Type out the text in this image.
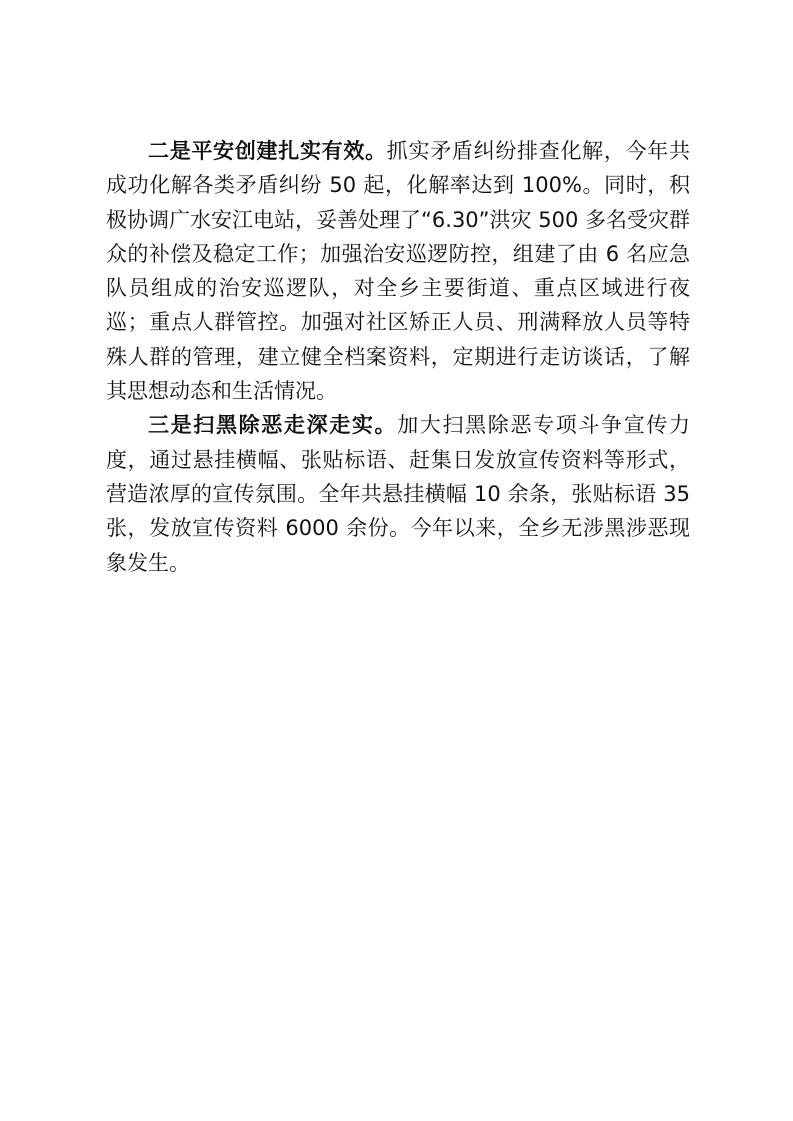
二是平安创建扎实有效。抓实矛盾纠纷排查化解，今年共成功化解各类矛盾纠纷 50 起，化解率达到 100%。同时，积极协调广水安江电站，妥善处理了“6.30”洪灾 500 多名受灾群众的补偿及稳定工作；加强治安巡逻防控，组建了由 6 名应急队员组成的治安巡逻队，对全乡主要街道、重点区域进行夜巡；重点人群管控。加强对社区矫正人员、刑满释放人员等特殊人群的管理，建立健全档案资料，定期进行走访谈话，了解其思想动态和生活情况。

三是扫黑除恶走深走实。加大扫黑除恶专项斗争宣传力度，通过悬挂横幅、张贴标语、赶集日发放宣传资料等形式，营造浓厚的宣传氛围。全年共悬挂横幅 10 余条，张贴标语 35 张，发放宣传资料 6000 余份。今年以来，全乡无涉黑涉恶现象发生。
